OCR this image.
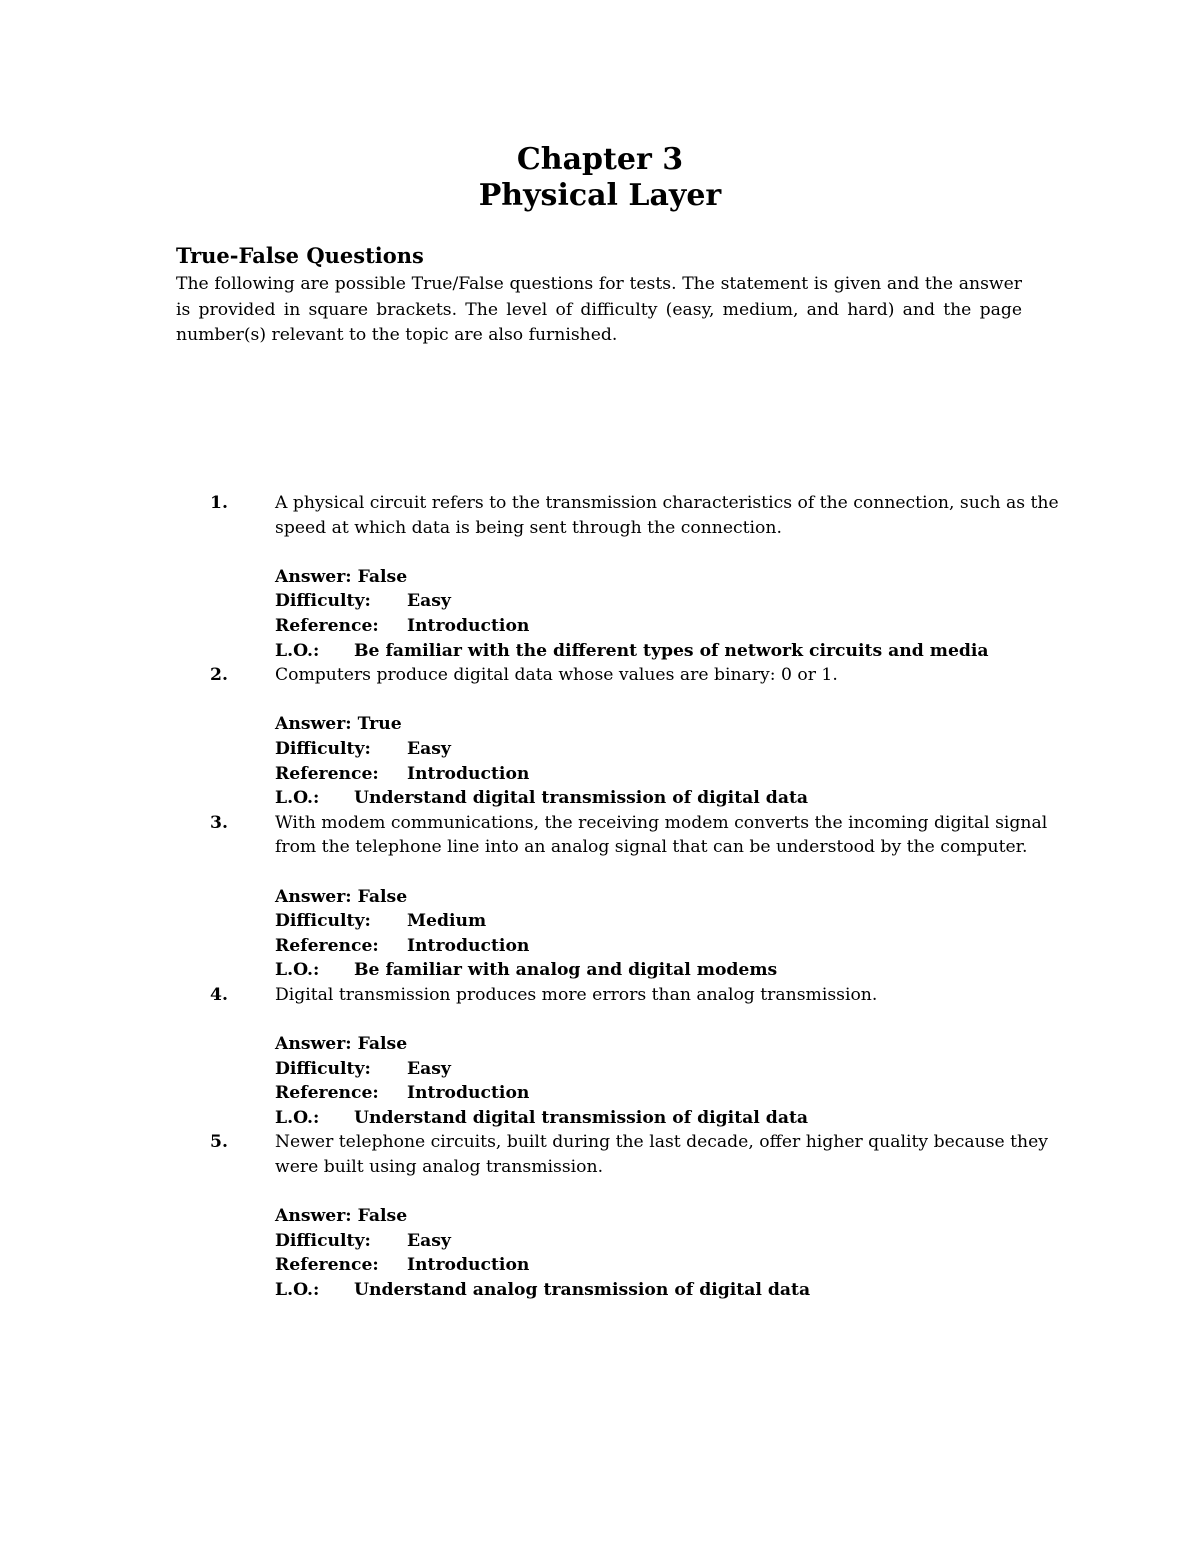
Chapter 3
Physical Layer
True-False Questions

The following are possible True/False questions for tests. The statement is given and the answer is provided in square brackets. The level of difficulty (easy, medium, and hard) and the page number(s) relevant to the topic are also furnished.

1.	A physical circuit refers to the transmission characteristics of the connection, such as the speed at which data is being sent through the connection.
Answer: False
Difficulty: Easy
Reference: Introduction
L.O.: Be familiar with the different types of network circuits and media
2.	Computers produce digital data whose values are binary: 0 or 1.
Answer: True
Difficulty: Easy
Reference: Introduction
L.O.: Understand digital transmission of digital data
3.	With modem communications, the receiving modem converts the incoming digital signal from the telephone line into an analog signal that can be understood by the computer.
Answer: False
Difficulty: Medium
Reference: Introduction
L.O.: Be familiar with analog and digital modems
4.	Digital transmission produces more errors than analog transmission.
Answer: False
Difficulty: Easy
Reference: Introduction
L.O.: Understand digital transmission of digital data
5.	Newer telephone circuits, built during the last decade, offer higher quality because they were built using analog transmission.
Answer: False
Difficulty: Easy
Reference: Introduction
L.O.: Understand analog transmission of digital data
